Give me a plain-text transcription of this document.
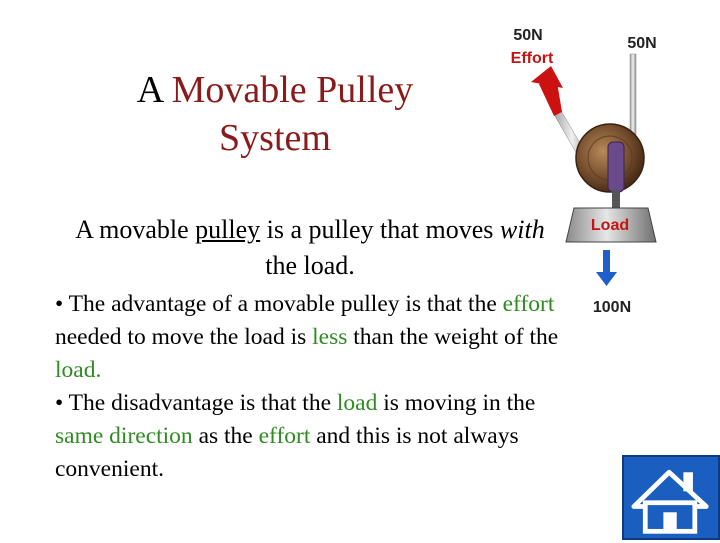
A Movable Pulley
System
A movable pulley is a pulley that moves with the load.

• The advantage of a movable pulley is that the effort needed to move the load is less than the weight of the load.

• The disadvantage is that the load is moving in the same direction as the effort and this is not always convenient.

Load
50N
Effort
50N
100N
